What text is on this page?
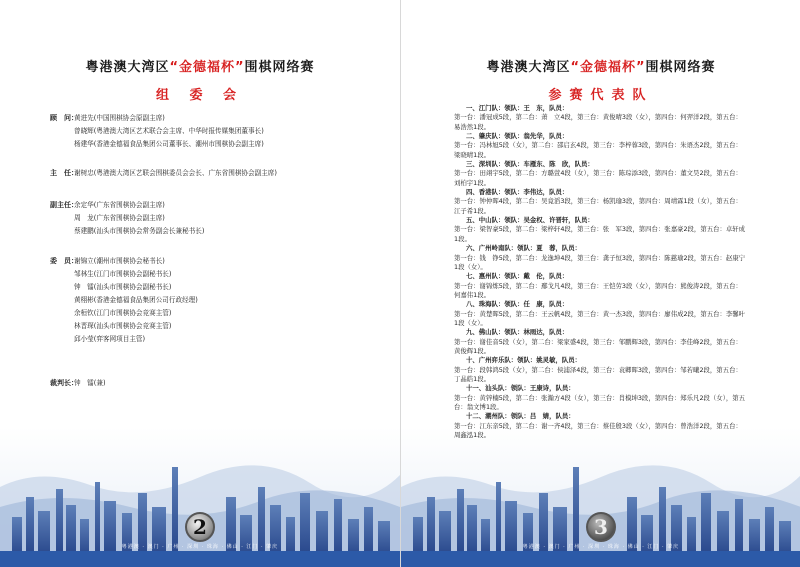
粤港澳大湾区“金德福杯”围棋网络赛
组 委 会
顾　问：
黄进先(中国围棋协会原副主席)
曾晓辉(粤港澳大湾区艺术联合会主席、中华时报传媒集团董事长)
杨建华(香港金德福食品集团公司董事长、潮州市围棋协会副主席)
主　任：
谢树忠(粤港澳大湾区艺联会围棋委员会会长、广东省围棋协会副主席)
副主任：
余定华(广东省围棋协会副主席)
周　龙(广东省围棋协会副主席)
蔡建鹏(汕头市围棋协会常务副会长兼秘书长)
委　员：
谢锦立(潮州市围棋协会秘书长)
邹林生(江门市围棋协会副秘书长)
钟　镭(汕头市围棋协会副秘书长)
黄栩彬(香港金德福食品集团公司行政经理)
余桓钦(江门市围棋协会竞赛主管)
林晋琛(汕头市围棋协会竞赛主管)
邱小莹(弈客网项目主管)
裁判长：
钟　镭(兼)
2
粤港澳 · 澳门 · 广州 · 深圳 · 珠海 · 佛山 · 江门 · 肇庆
粤港澳大湾区“金德福杯”围棋网络赛
参赛代表队
3
粤港澳 · 澳门 · 广州 · 深圳 · 珠海 · 佛山 · 江门 · 肇庆
一、江门队：领队：王　东，队员：
第一台：潘冠成5段，第二台：萧　立4段，第三台：黄俊晴3段（女），第四台：何羿洋2段，第五台：易浩然1段。
二、肇庆队：领队：翁先华，队员：
第一台：冯林旭5段（女），第二台：邵启玄4段，第三台：李梓蓉3段，第四台：朱语杰2段，第五台：梁晓晴1段。
三、深圳队：领队：车雁东、陈　欣，队员：
第一台：田翊宇5段，第二台：方璐萱4段（女），第三台：陈琮添3段，第四台：董文昊2段，第五台：刘柏宇1段。
四、香港队：领队：李伟达，队员：
第一台：钟仲晖4段，第二台：吴竟滔3段，第三台：杨凯瑜3段，第四台：周靖霖1段（女），第五台：江子希1段。
五、中山队：领队：吴金权、许晋轩，队员：
第一台：梁智豪5段，第二台：梁梓轩4段，第三台：张　军3段，第四台：张嘉豪2段，第五台：卓轩成1段。
六、广州岭南队：领队：夏　蓉，队员：
第一台：钱　铮5段，第二台：龙逸坤4段，第三台：龚子恒3段，第四台：陈慈瑜2段，第五台：赵康宁1段（女）。
七、惠州队：领队：戴　伦，队员：
第一台：谢锦炼5段，第二台：鄢戈凡4段，第三台：王恺劳3段（女），第四台：熊俊涛2段，第五台：何嘉伟1段。
八、珠海队：领队：任　康，队员：
第一台：黄楚晖5段，第二台：王云帆4段，第三台：黄一杰3段，第四台：廖伟成2段，第五台：李馨叶1段（女）。
九、佛山队：领队：林雨达，队员：
第一台：谢佳音5段（女），第二台：梁家盛4段，第三台：邹鹏辉3段，第四台：李佳峰2段，第五台：黄俊辉1段。
十、广州弈乐队：领队：姚灵敏，队员：
第一台：段韩鸿5段（女），第二台：侯浦泽4段，第三台：袁卿晖3段，第四台：邹若曦2段，第五台：丁晶皓1段。
十一、汕头队：领队：王康诗，队员：
第一台：黄锌楠5段，第二台：张瀚方4段（女），第三台：肖模坤3段，第四台：郑乐凡2段（女），第五台：翁文博1段。
十二、潮州队：领队：吕　婧，队员：
第一台：江东亲5段，第二台：谢一齐4段，第三台：蔡佳殷3段（女），第四台：曾浩洋2段，第五台：周鑫泓1段。
